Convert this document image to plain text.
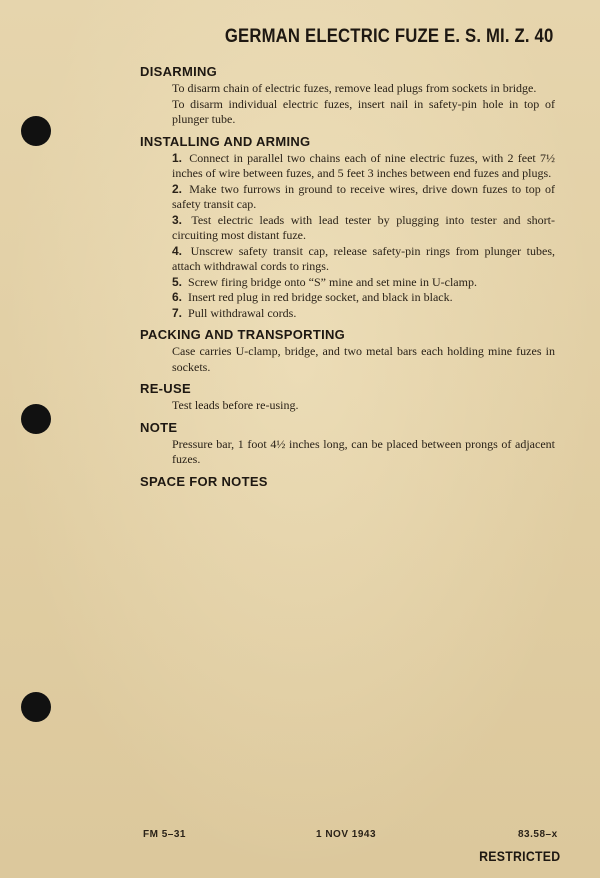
GERMAN ELECTRIC FUZE E. S. MI. Z. 40
DISARMING

To disarm chain of electric fuzes, remove lead plugs from sockets in bridge.

To disarm individual electric fuzes, insert nail in safety-pin hole in top of plunger tube.

INSTALLING AND ARMING

1. Connect in parallel two chains each of nine electric fuzes, with 2 feet 7½ inches of wire between fuzes, and 5 feet 3 inches between end fuzes and plugs.

2. Make two furrows in ground to receive wires, drive down fuzes to top of safety transit cap.

3. Test electric leads with lead tester by plugging into tester and short-circuiting most distant fuze.

4. Unscrew safety transit cap, release safety-pin rings from plunger tubes, attach withdrawal cords to rings.

5. Screw firing bridge onto “S” mine and set mine in U-clamp.

6. Insert red plug in red bridge socket, and black in black.

7. Pull withdrawal cords.

PACKING AND TRANSPORTING

Case carries U-clamp, bridge, and two metal bars each holding mine fuzes in sockets.

RE-USE

Test leads before re-using.

NOTE

Pressure bar, 1 foot 4½ inches long, can be placed between prongs of adjacent fuzes.

SPACE FOR NOTES
FM 5–31	1 NOV 1943	83.58–x
RESTRICTED
